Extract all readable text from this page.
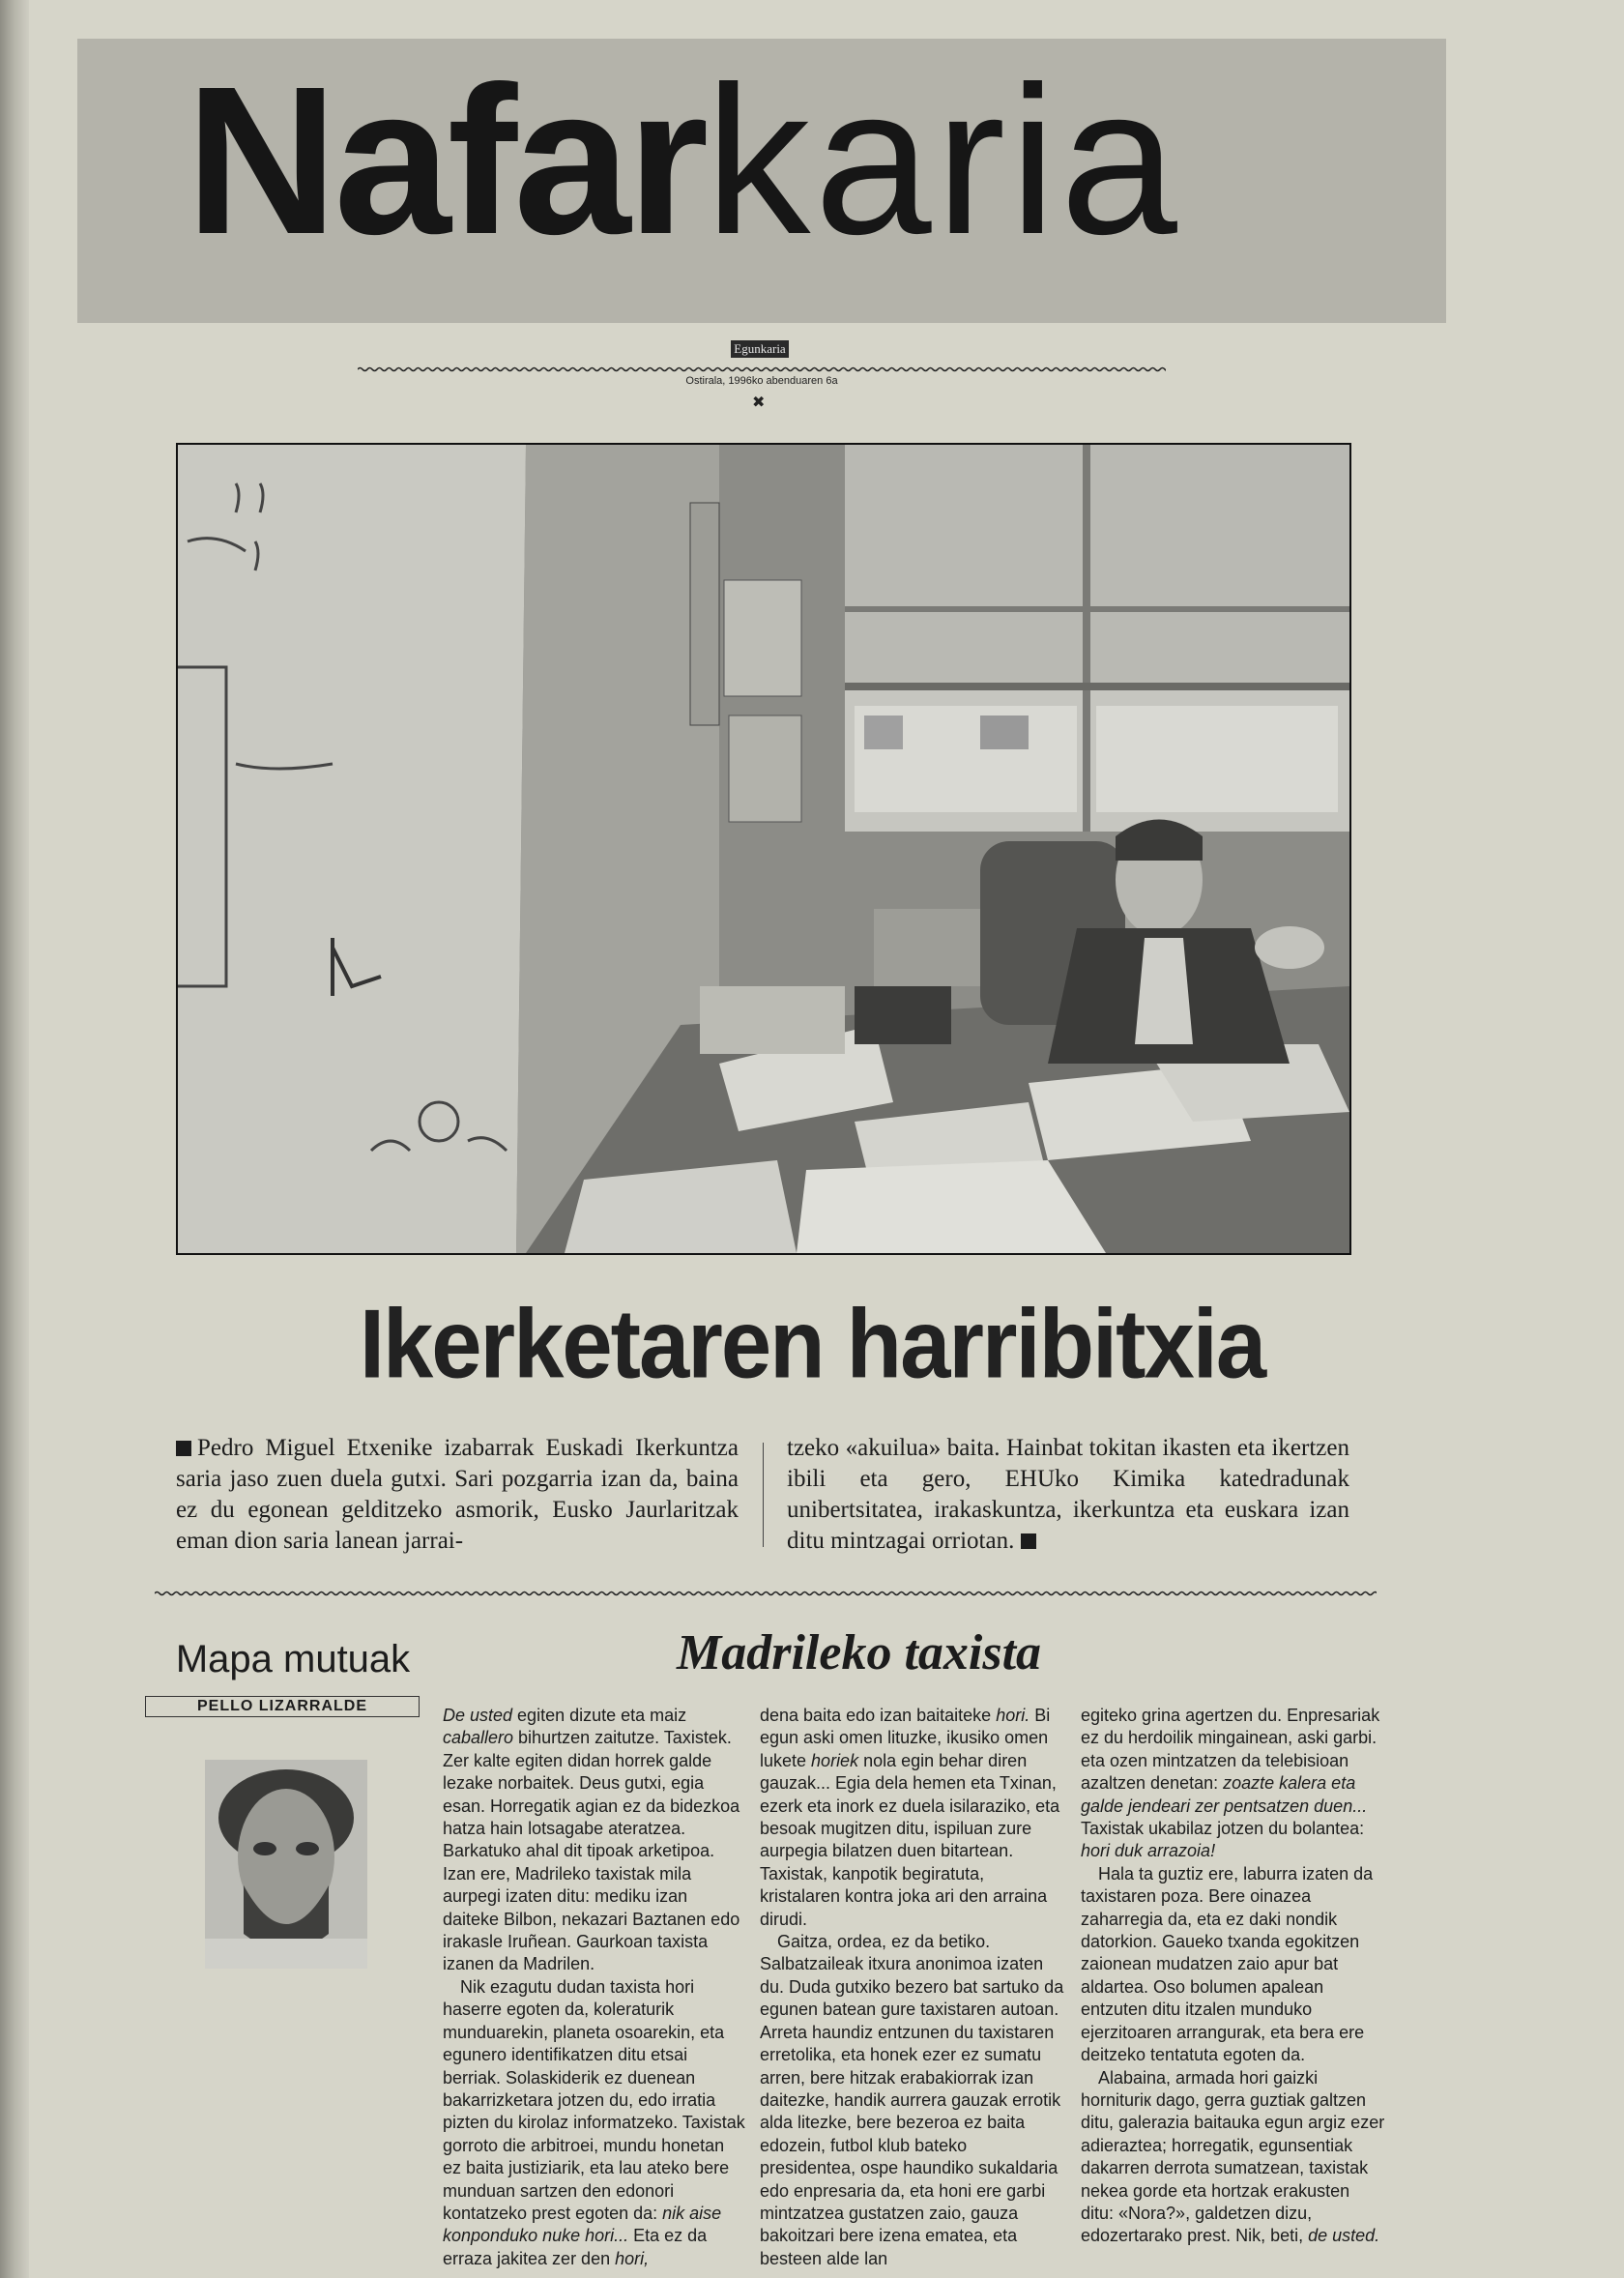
Nafarkaria
Egunkaria
Ostirala, 1996ko abenduaren 6a
✖
Ikerketaren harribitxia
Pedro Miguel Etxenike izabarrak Euskadi Ikerkuntza saria jaso zuen duela gutxi. Sari pozgarria izan da, baina ez du egonean gelditzeko asmorik, Eusko Jaurlaritzak eman dion saria lanean jarrai-
tzeko «akuilua» baita. Hainbat tokitan ikasten eta ikertzen ibili eta gero, EHUko Kimika katedradunak unibertsitatea, irakaskuntza, ikerkuntza eta euskara izan ditu mintzagai orriotan.
Mapa mutuak
PELLO LIZARRALDE
Madrileko taxista

De usted egiten dizute eta maiz caballero bihurtzen zaitutze. Taxistek. Zer kalte egiten didan horrek galde lezake norbaitek. Deus gutxi, egia esan. Horregatik agian ez da bidezkoa hatza hain lotsagabe ateratzea. Barkatuko ahal dit tipoak arketipoa. Izan ere, Madrileko taxistak mila aurpegi izaten ditu: mediku izan daiteke Bilbon, nekazari Baztanen edo irakasle Iruñean. Gaurkoan taxista izanen da Madrilen.

Nik ezagutu dudan taxista hori haserre egoten da, koleraturik munduarekin, planeta osoarekin, eta egunero identifikatzen ditu etsai berriak. Solaskiderik ez duenean bakarrizketara jotzen du, edo irratia pizten du kirolaz informatzeko. Taxistak gorroto die arbitroei, mundu honetan ez baita justiziarik, eta lau ateko bere munduan sartzen den edonori kontatzeko prest egoten da: nik aise konponduko nuke hori... Eta ez da erraza jakitea zer den hori,

dena baita edo izan baitaiteke hori. Bi egun aski omen lituzke, ikusiko omen lukete horiek nola egin behar diren gauzak... Egia dela hemen eta Txinan, ezerk eta inork ez duela isilaraziko, eta besoak mugitzen ditu, ispiluan zure aurpegia bilatzen duen bitartean. Taxistak, kanpotik begiratuta, kristalaren kontra joka ari den arraina dirudi.

Gaitza, ordea, ez da betiko. Salbatzaileak itxura anonimoa izaten du. Duda gutxiko bezero bat sartuko da egunen batean gure taxistaren autoan. Arreta haundiz entzunen du taxistaren erretolika, eta honek ezer ez sumatu arren, bere hitzak erabakiorrak izan daitezke, handik aurrera gauzak errotik alda litezke, bere bezeroa ez baita edozein, futbol klub bateko presidentea, ospe haundiko sukaldaria edo enpresaria da, eta honi ere garbi mintzatzea gustatzen zaio, gauza bakoitzari bere izena ematea, eta besteen alde lan

egiteko grina agertzen du. Enpresariak ez du herdoilik mingainean, aski garbi. eta ozen mintzatzen da telebisioan azaltzen denetan: zoazte kalera eta galde jendeari zer pentsatzen duen... Taxistak ukabilaz jotzen du bolantea: hori duk arrazoia!

Hala ta guztiz ere, laburra izaten da taxistaren poza. Bere oinazea zaharregia da, eta ez daki nondik datorkion. Gaueko txanda egokitzen zaionean mudatzen zaio apur bat aldartea. Oso bolumen apalean entzuten ditu itzalen munduko ejerzitoaren arrangurak, eta bera ere deitzeko tentatuta egoten da.

Alabaina, armada hori gaizki hornituriк dago, gerra guztiak galtzen ditu, galerazia baitauka egun argiz ezer adieraztea; horregatik, egunsentiak dakarren derrota sumatzean, taxistak nekea gorde eta hortzak erakusten ditu: «Nora?», galdetzen dizu, edozertarako prest. Nik, beti, de usted.
